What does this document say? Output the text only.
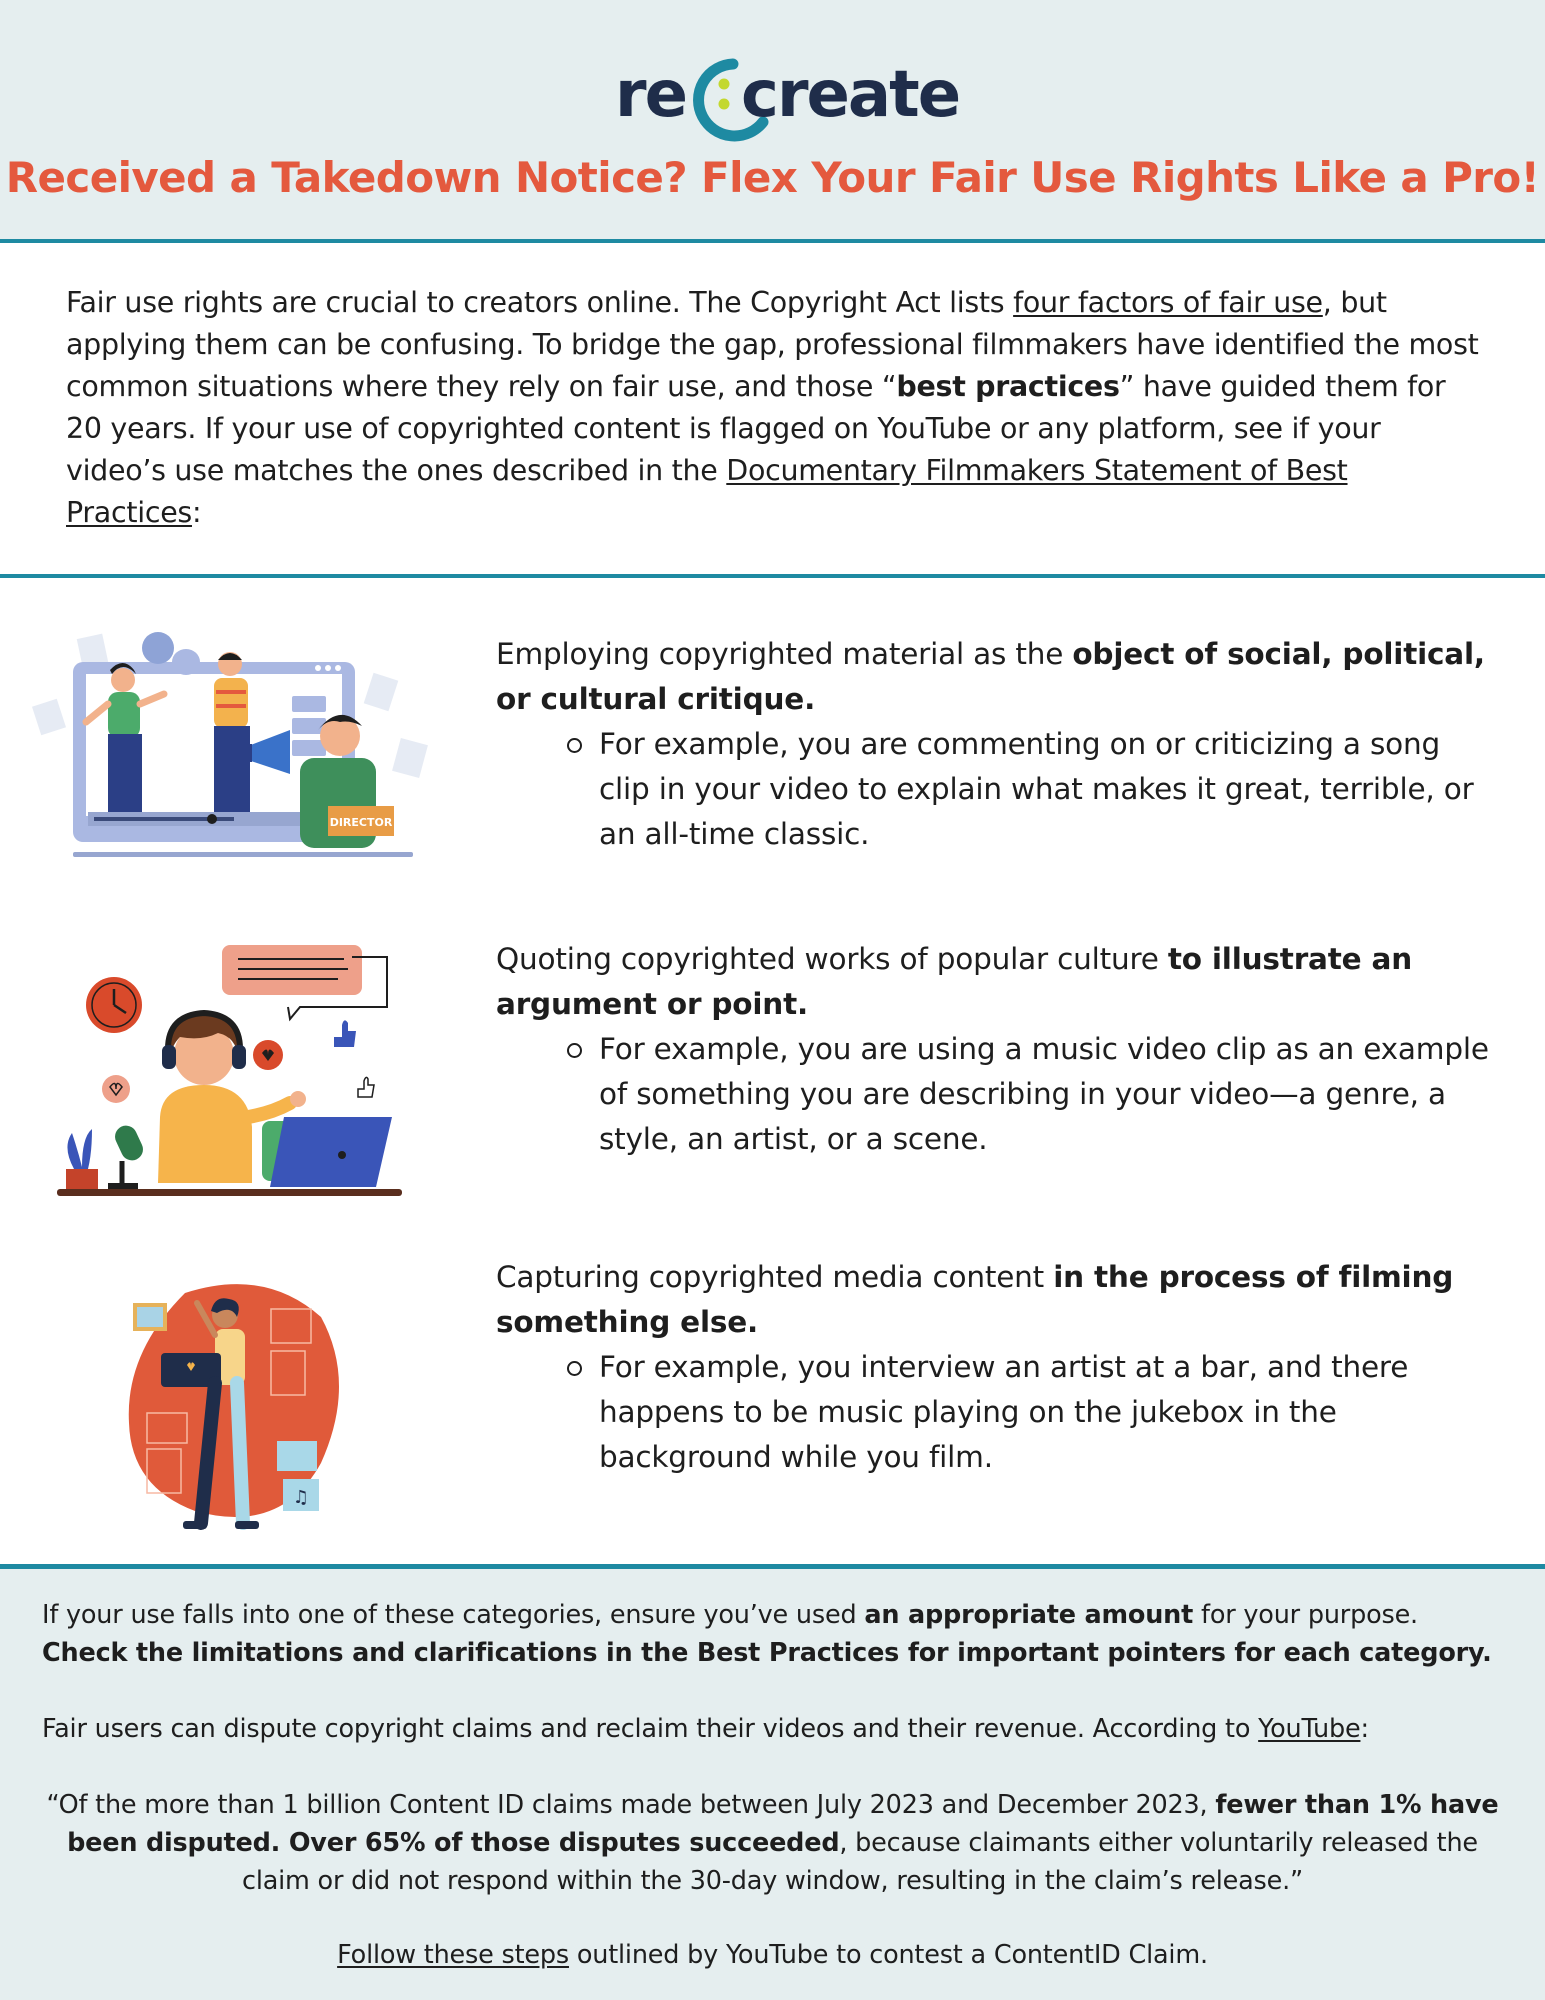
re create
Received a Takedown Notice? Flex Your Fair Use Rights Like a Pro!

Fair use rights are crucial to creators online. The Copyright Act lists four factors of fair use, but applying them can be confusing. To bridge the gap, professional filmmakers have identified the most common situations where they rely on fair use, and those “best practices” have guided them for 20 years. If your use of copyrighted content is flagged on YouTube or any platform, see if your video’s use matches the ones described in the Documentary Filmmakers Statement of Best Practices:

DIRECTOR
Employing copyrighted material as the object of social, political, or cultural critique.
For example, you are commenting on or criticizing a song clip in your video to explain what makes it great, terrible, or an all-time classic.
Quoting copyrighted works of popular culture to illustrate an argument or point.
For example, you are using a music video clip as an example of something you are describing in your video—a genre, a style, an artist, or a scene.
♫
Capturing copyrighted media content in the process of filming something else.
For example, you interview an artist at a bar, and there happens to be music playing on the jukebox in the background while you film.

If your use falls into one of these categories, ensure you’ve used an appropriate amount for your purpose.
Check the limitations and clarifications in the Best Practices for important pointers for each category.

Fair users can dispute copyright claims and reclaim their videos and their revenue. According to YouTube:

“Of the more than 1 billion Content ID claims made between July 2023 and December 2023, fewer than 1% have been disputed. Over 65% of those disputes succeeded, because claimants either voluntarily released the claim or did not respond within the 30-day window, resulting in the claim’s release.”

Follow these steps outlined by YouTube to contest a ContentID Claim.
